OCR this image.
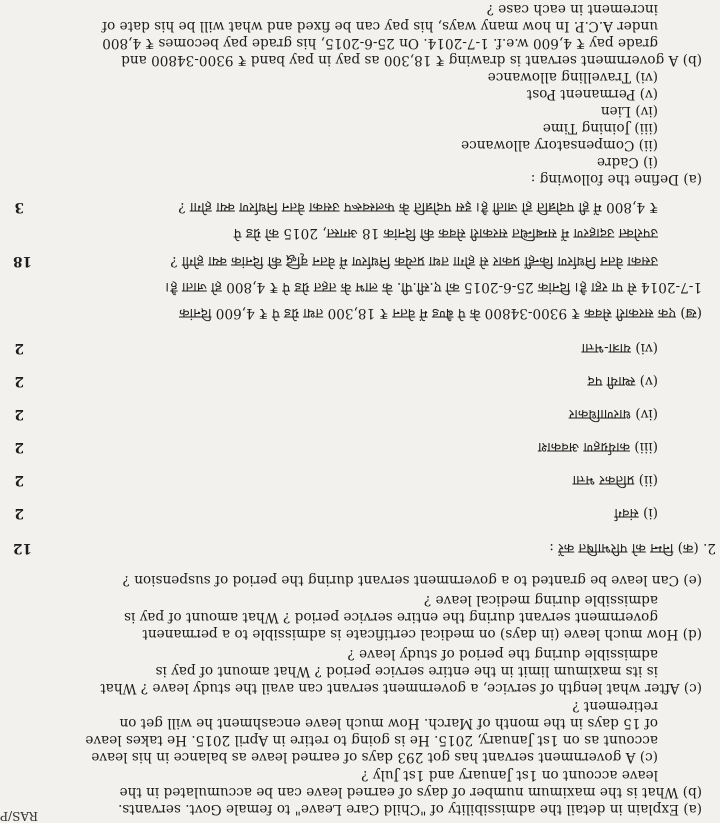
RAS/P	(a) Explain in detail the admissibility of "Child Care Leave" to female Govt. servants.
(b) What is the maximum number of days of earned leave can be accumulated in the
leave account on 1st January and 1st July ?
(c) A government servant has got 293 days of earned leave as balance in his leave
account as on 1st January, 2015. He is going to retire in April 2015. He takes leave
of 15 days in the month of March. How much leave encashment he will get on
retirement ?
(c) After what length of service, a government servant can avail the study leave ? What
is its maximum limit in the entire service period ? What amount of pay is
admissible during the period of study leave ?
(d) How much leave (in days) on medical certificate is admissible to a permanent
government servant during the entire service period ? What amount of pay is
admissible during medical leave ?
(e) Can leave be granted to a government servant during the period of suspension ?
2. (क) निम्न को परिभाषित करें :
12
(i) संवर्ग
2
(ii) प्रतिकर भत्ता
2
(iii) कार्यग्रहण अवकाश
2
(iv) धारणाधिकार
2
(v) स्थायी पद
2
(vi) यात्रा-भत्ता
2
(ख) एक सरकारी सेवक ₹ 9300-34800 के पे बैण्ड में वेतन ₹ 18,300 तथा ग्रेड पे ₹ 4,600 दिनांक
1-7-2014 से पा रहा है। दिनांक 25-6-2015 को ए.सी.पी. के लाभ के तहत ग्रेड पे ₹ 4,800 हो जाता है।
उसका वेतन निर्धारण किन्हीं प्रकार से होगा तथा प्रत्येक निर्धारण में वेतन वृद्धि की दिनांक क्या होगी ?
18
उपरोक्त उदाहरण में सम्बन्धित सरकारी सेवक की दिनांक 18 अगस्त, 2015 को ग्रेड पे
₹ 4,800 में ही पदोन्नति हो जाती है। इस पदोन्नति के फलस्वरूप उसका वेतन निर्धारण क्या होगा ?
3
(a) Define the following :
(i) Cadre
(ii) Compensatory allowance
(iii) Joining Time
(iv) Lien
(v) Permanent Post
(vi) Travelling allowance
(b) A government servant is drawing ₹ 18,300 as pay in pay band ₹ 9300-34800 and
grade pay ₹ 4,600 w.e.f. 1-7-2014. On 25-6-2015, his grade pay becomes ₹ 4,800
under A.C.P. In how many ways, his pay can be fixed and what will be his date of
increment in each case ?
